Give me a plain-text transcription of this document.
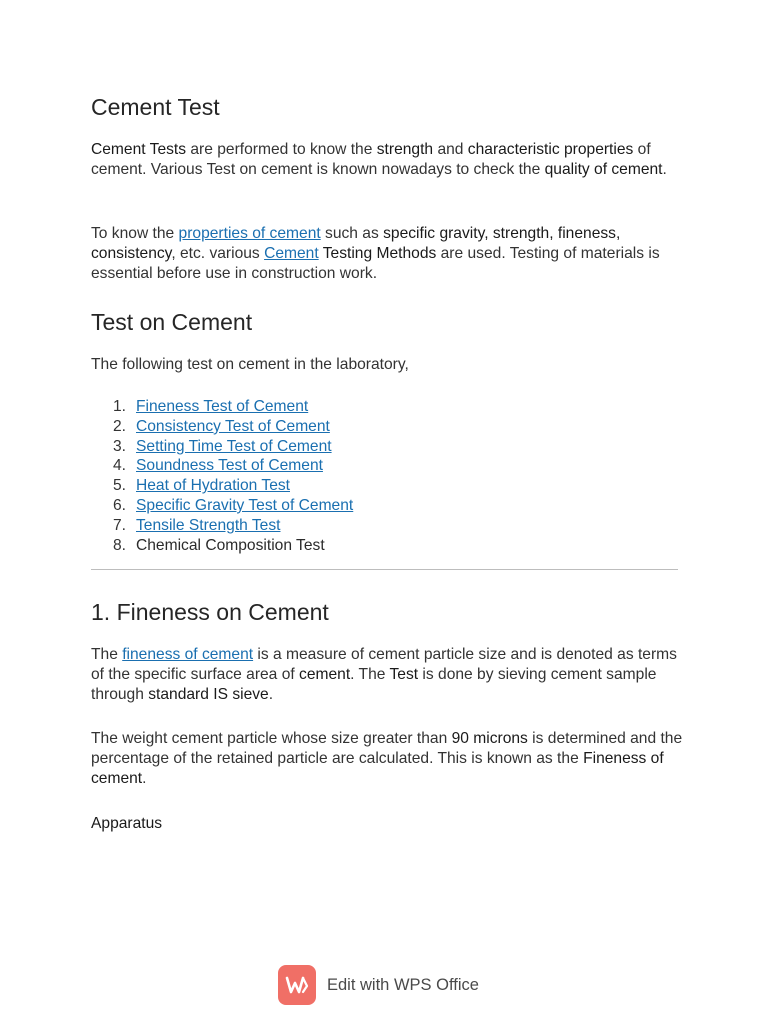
Cement Test

Cement Tests are performed to know the strength and characteristic properties of cement. Various Test on cement is known nowadays to check the quality of cement.

To know the properties of cement such as specific gravity, strength, fineness, consistency, etc. various Cement Testing Methods are used. Testing of materials is essential before use in construction work.

Test on Cement

The following test on cement in the laboratory,

1. Fineness Test of Cement
2. Consistency Test of Cement
3. Setting Time Test of Cement
4. Soundness Test of Cement
5. Heat of Hydration Test
6. Specific Gravity Test of Cement
7. Tensile Strength Test
8. Chemical Composition Test
1. Fineness on Cement

The fineness of cement is a measure of cement particle size and is denoted as terms of the specific surface area of cement. The Test is done by sieving cement sample through standard IS sieve.

The weight cement particle whose size greater than 90 microns is determined and the percentage of the retained particle are calculated. This is known as the Fineness of cement.

Apparatus

Edit with WPS Office
